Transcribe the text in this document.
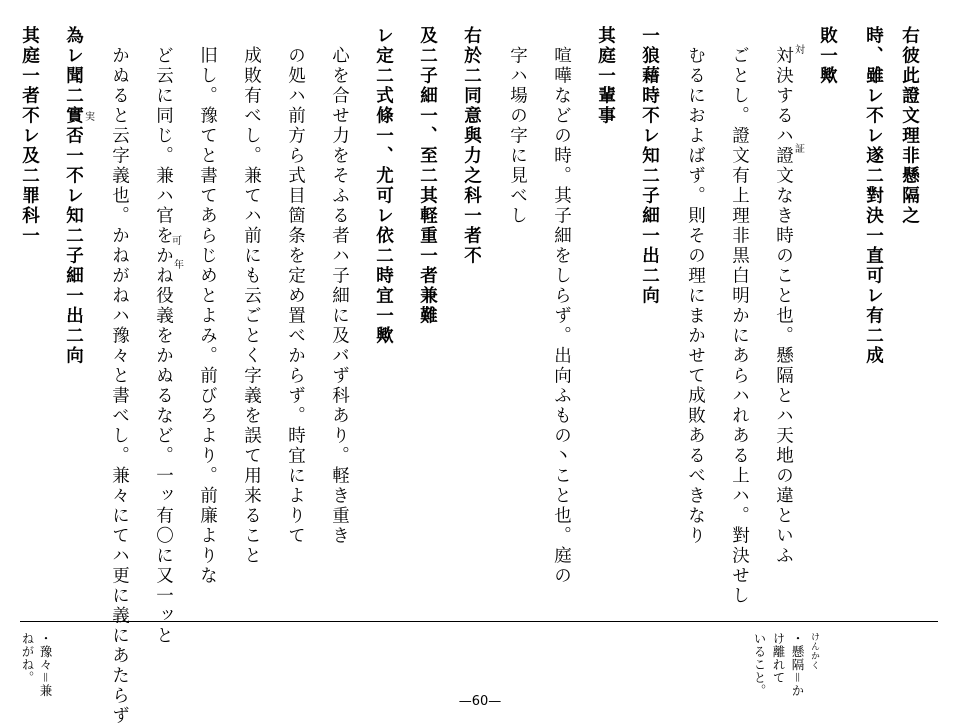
右彼此證文理非懸隔之
時、雖レ不レ遂二對決一直可レ有二成
敗一歟
　対決するハ證文なき時のこと也。懸隔とハ天地の違といふ
　ごとし。證文有上理非黒白明かにあらハれある上ハ。對決せし
　むるにおよばず。則その理にまかせて成敗あるべきなり
一狼藉時不レ知二子細一出二向
其庭一輩事
　喧嘩などの時。其子細をしらず。出向ふもの丶こと也。庭の
　字ハ場の字に見べし
右於二同意與力之科一者不
及二子細一、至二其軽重一者兼難
レ定二式條一、尤可レ依二時宜一歟
　心を合せ力をそふる者ハ子細に及バず科あり。軽き重き
　の処ハ前方ら式目箇条を定め置べからず。時宜によりて
　成敗有べし。兼てハ前にも云ごとく字義を誤て用来ること
　旧し。豫てと書てあらじめとよみ。前びろより。前廉よりな
　ど云に同じ。兼ハ官をかね役義をかぬるなど。一ッ有〇に又一ッと
　かぬると云字義也。かねがねハ豫々と書べし。兼々にてハ更に義にあたらず
為レ聞二實否一不レ知二子細一出二向
其庭一者不レ及二罪科一	対
証
可
年
実
けんかく
・懸隔＝か
け離れて
いること。
・豫々＝兼
ねがね。
—60—
